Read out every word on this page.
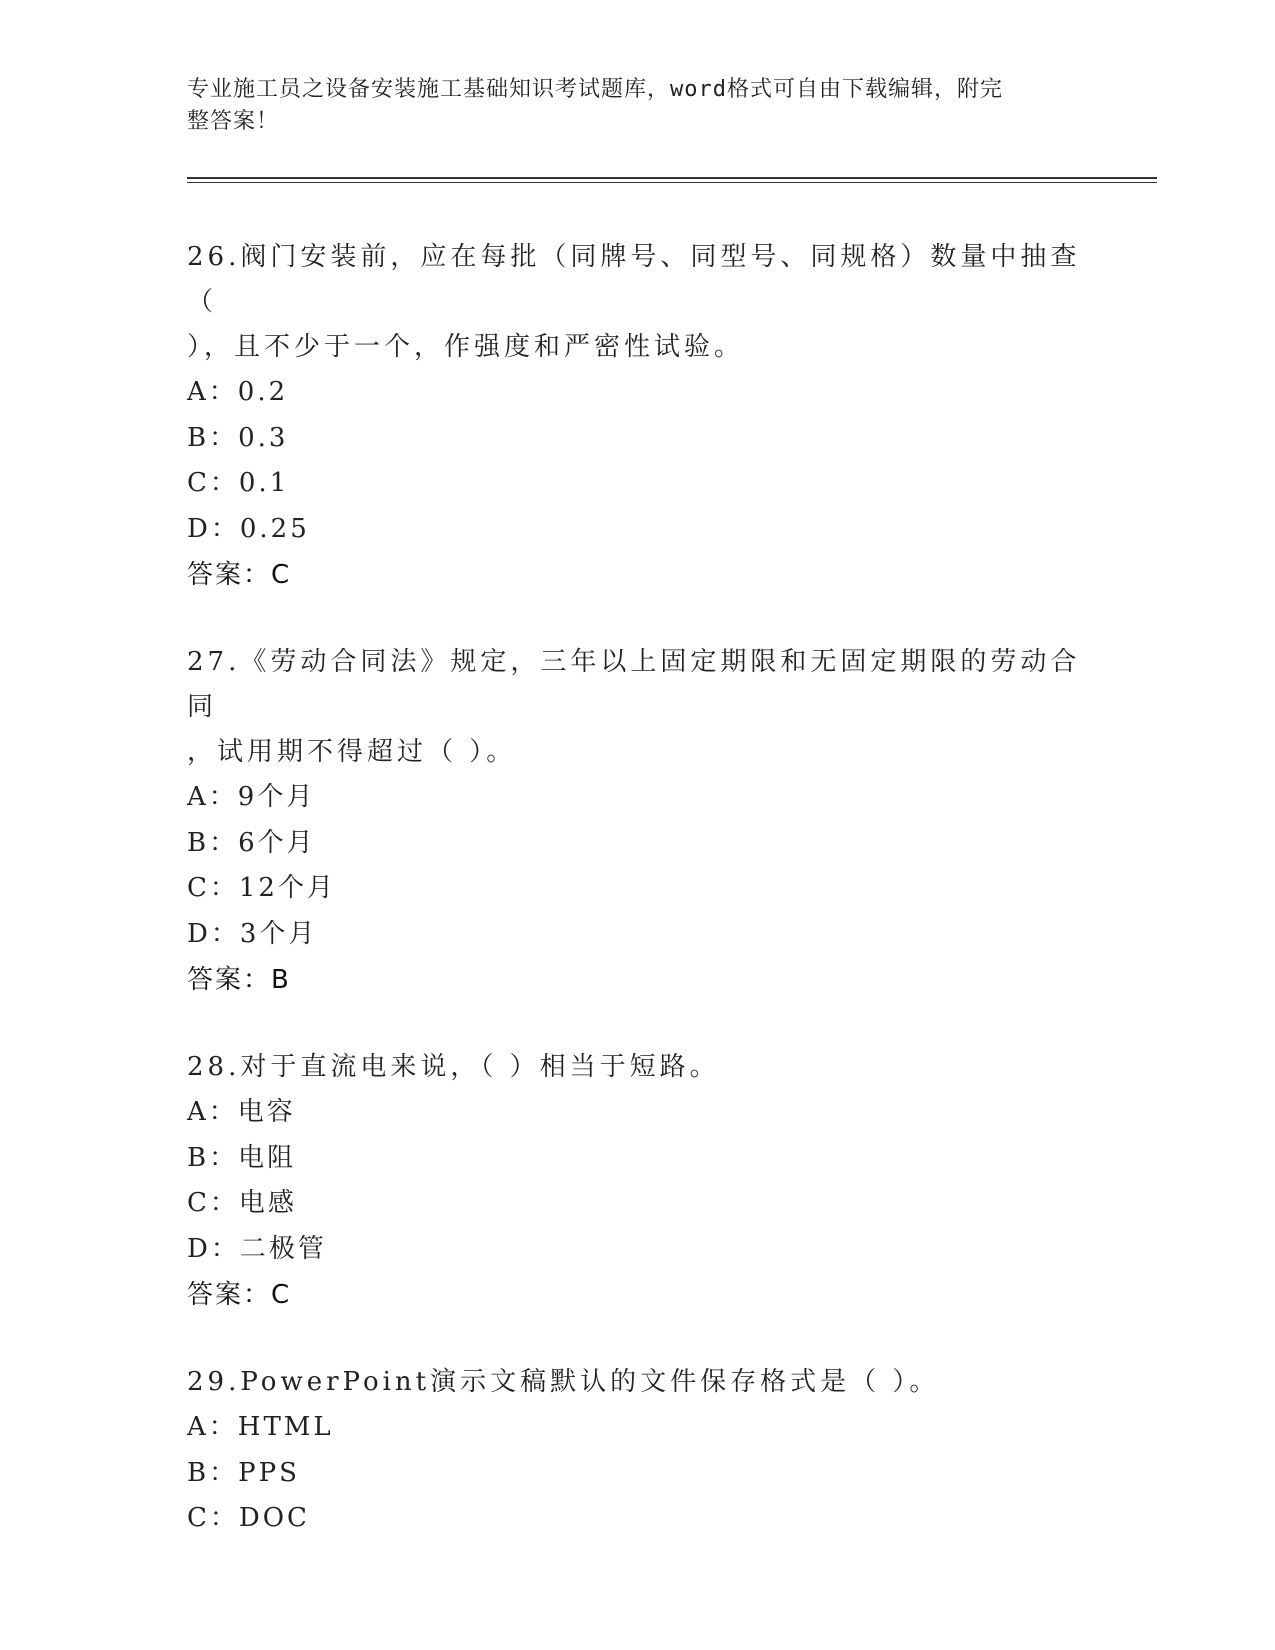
专业施工员之设备安装施工基础知识考试题库，word格式可自由下载编辑，附完
整答案！
26.阀门安装前，应在每批（同牌号、同型号、同规格）数量中抽查（
），且不少于一个，作强度和严密性试验。
A：0.2
B：0.3
C：0.1
D：0.25
答案：C
27.《劳动合同法》规定，三年以上固定期限和无固定期限的劳动合同
，试用期不得超过（ ）。
A：9个月
B：6个月
C：12个月
D：3个月
答案：B
28.对于直流电来说，（ ）相当于短路。
A：电容
B：电阻
C：电感
D：二极管
答案：C
29.PowerPoint演示文稿默认的文件保存格式是（ ）。
A：HTML
B：PPS
C：DOC
